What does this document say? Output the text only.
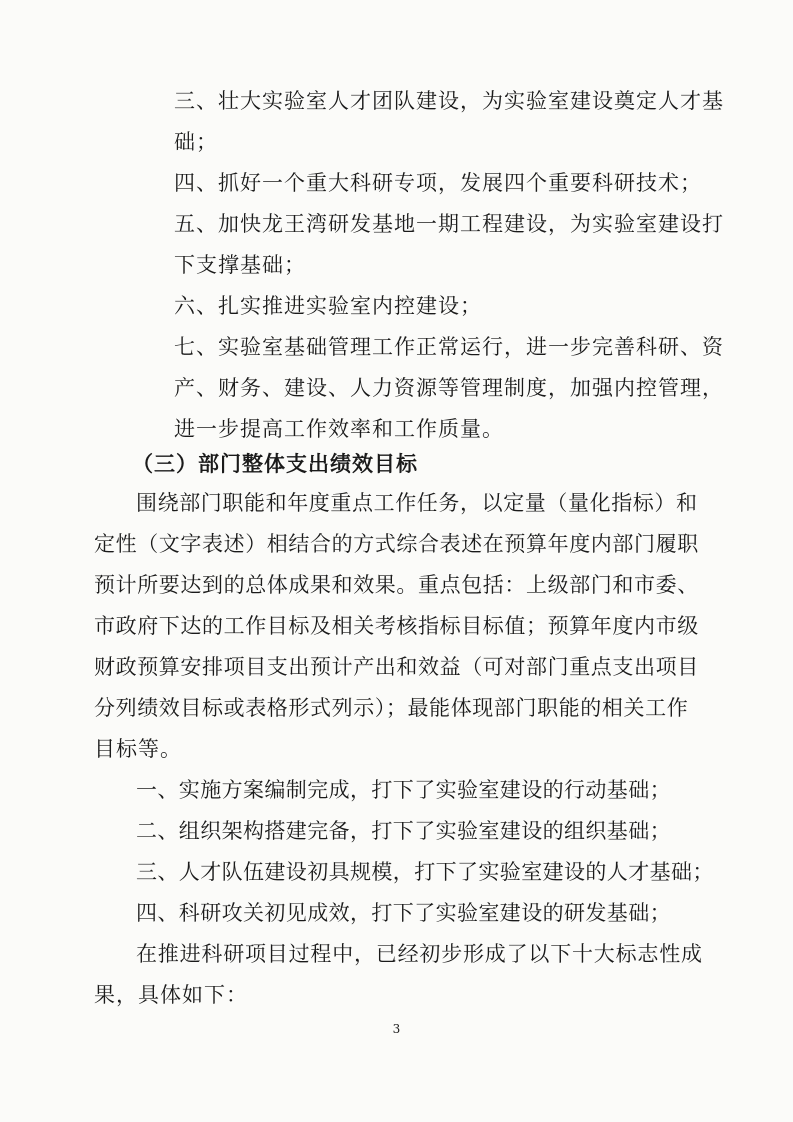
三、壮大实验室人才团队建设，为实验室建设奠定人才基
础；
四、抓好一个重大科研专项，发展四个重要科研技术；
五、加快龙王湾研发基地一期工程建设，为实验室建设打
下支撑基础；
六、扎实推进实验室内控建设；
七、实验室基础管理工作正常运行，进一步完善科研、资
产、财务、建设、人力资源等管理制度，加强内控管理，
进一步提高工作效率和工作质量。
（三）部门整体支出绩效目标
围绕部门职能和年度重点工作任务，以定量（量化指标）和
定性（文字表述）相结合的方式综合表述在预算年度内部门履职
预计所要达到的总体成果和效果。重点包括：上级部门和市委、
市政府下达的工作目标及相关考核指标目标值；预算年度内市级
财政预算安排项目支出预计产出和效益（可对部门重点支出项目
分列绩效目标或表格形式列示）；最能体现部门职能的相关工作
目标等。
一、实施方案编制完成，打下了实验室建设的行动基础；
二、组织架构搭建完备，打下了实验室建设的组织基础；
三、人才队伍建设初具规模，打下了实验室建设的人才基础；
四、科研攻关初见成效，打下了实验室建设的研发基础；
在推进科研项目过程中，已经初步形成了以下十大标志性成
果，具体如下：
3
